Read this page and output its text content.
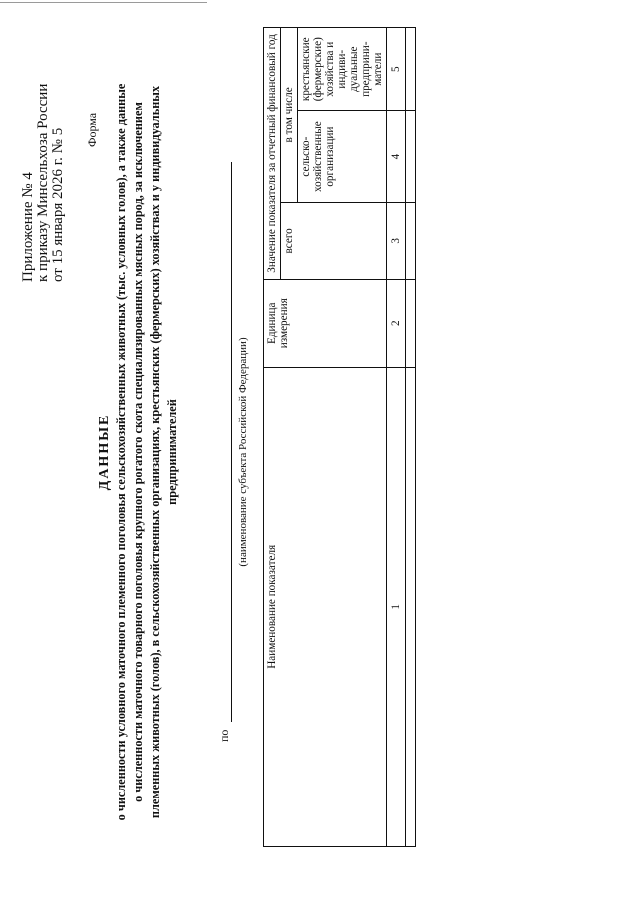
Приложение № 4 к приказу Минсельхоза России от 15 января 2026 г. № 5 Форма
ДАННЫЕ о численности условного маточного племенного поголовья сельскохозяйственных животных (тыс. условных голов), а также данные о численности маточного товарного поголовья крупного рогатого скота специализированных мясных пород, за исключением племенных животных (голов), в сельскохозяйственных организациях, крестьянских (фермерских) хозяйствах и у индивидуальных предпринимателей
по
(наименование субъекта Российской Федерации)
Наименование показателя	Единица измерения	Значение показателя за отчетный финансовый год		
		всего	в том числе	
			сельско-хозяйственные организации	крестьянские (фермерские) хозяйства и индиви-дуальные предприни-матели
1	2	3	4	5
